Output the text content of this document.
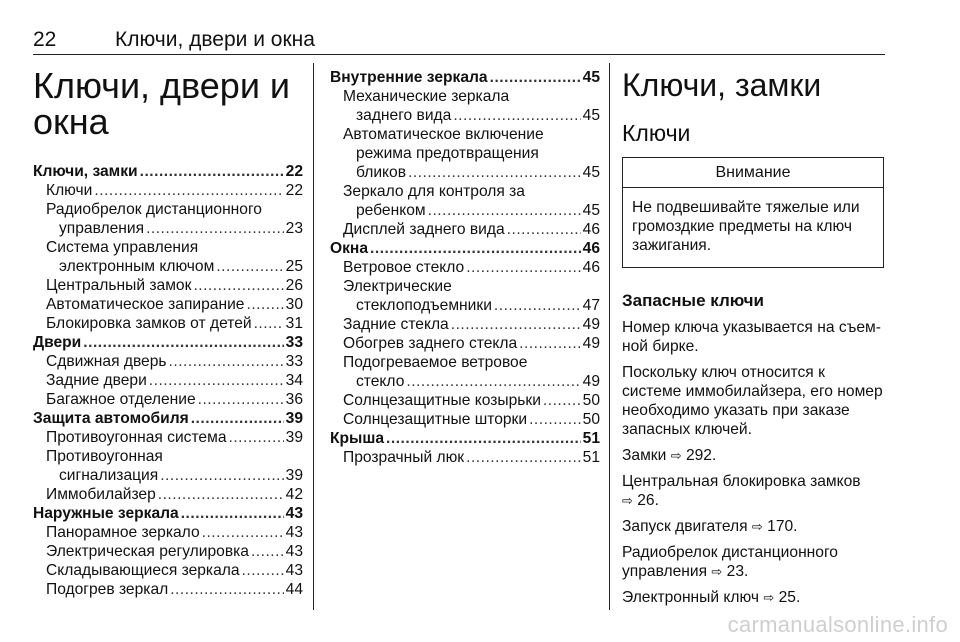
22	Ключи, двери и окна
Ключи, двери и
окна
Ключи, замки .....	22
Ключи .....	22
Радиобрелок дистанционного
управления .....	23
Система управления
электронным ключом .....	25
Центральный замок .....	26
Автоматическое запирание .....	30
Блокировка замков от детей ..... 31
Двери .....	33
Сдвижная дверь .....	33
Задние двери .....	34
Багажное отделение .....	36
Защита автомобиля .....	39
Противоугонная система .....	39
Противоугонная
сигнализация .....	39
Иммобилайзер .....	42
Наружные зеркала .....	43
Панорамное зеркало .....	43
Электрическая регулировка ..... 43
Складывающиеся зеркала .....	43
Подогрев зеркал .....	44
Внутренние зеркала .....	45
Механические зеркала
заднего вида .....	45
Автоматическое включение
режима предотвращения
бликов .....	45
Зеркало для контроля за
ребенком .....	45
Дисплей заднего вида .....	46
Окна .....	46
Ветровое стекло .....	46
Электрические
стеклоподъемники .....	47
Задние стекла .....	49
Обогрев заднего стекла .....	49
Подогреваемое ветровое
стекло .....	49
Солнцезащитные козырьки .....	50
Солнцезащитные шторки .....	50
Крыша .....	51
Прозрачный люк .....	51
Ключи, замки
Ключи
Внимание
Не подвешивайте тяжелые или громоздкие предметы на ключ зажигания.
Запасные ключи
Номер ключа указывается на съем-ной бирке.
Поскольку ключ относится к системе иммобилайзера, его номер необходимо указать при заказе запасных ключей.
Замки ⇨ 292.
Центральная блокировка замков
⇨ 26.
Запуск двигателя ⇨ 170.
Радиобрелок дистанционного управления ⇨ 23.
Электронный ключ ⇨ 25.
carmanualsonline.info
